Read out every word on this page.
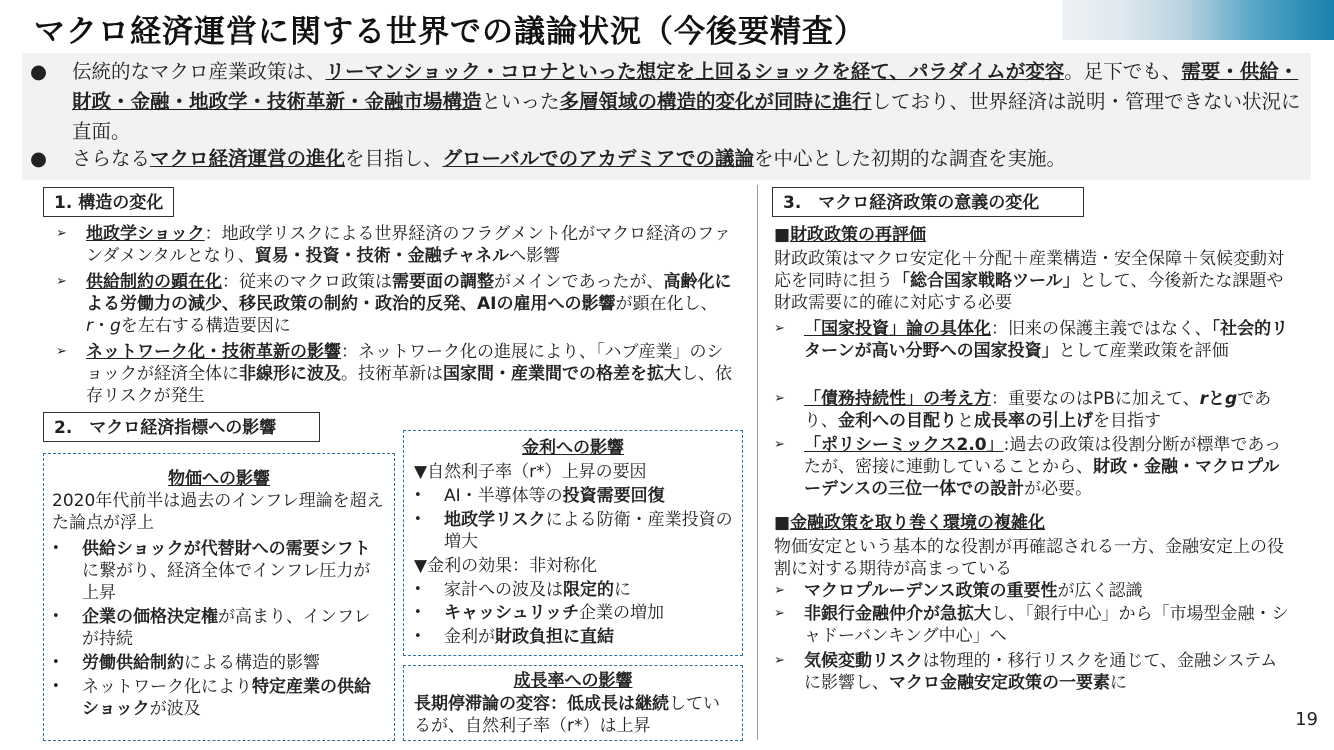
マクロ経済運営に関する世界での議論状況（今後要精査）
● 伝統的なマクロ産業政策は、リーマンショック・コロナといった想定を上回るショックを経て、パラダイムが変容。足下でも、需要・供給・財政・金融・地政学・技術革新・金融市場構造といった多層領域の構造的変化が同時に進行しており、世界経済は説明・管理できない状況に直面。
● さらなるマクロ経済運営の進化を目指し、グローバルでのアカデミアでの議論を中心とした初期的な調査を実施。
1. 構造の変化
➢ 地政学ショック：地政学リスクによる世界経済のフラグメント化がマクロ経済のファンダメンタルとなり、貿易・投資・技術・金融チャネルへ影響
➢ 供給制約の顕在化：従来のマクロ政策は需要面の調整がメインであったが、高齢化による労働力の減少、移民政策の制約・政治的反発、AIの雇用への影響が顕在化し、r・gを左右する構造要因に
➢ ネットワーク化・技術革新の影響：ネットワーク化の進展により、「ハブ産業」のショックが経済全体に非線形に波及。技術革新は国家間・産業間での格差を拡大し、依存リスクが発生
2.　マクロ経済指標への影響
物価への影響
2020年代前半は過去のインフレ理論を超えた論点が浮上
• 供給ショックが代替財への需要シフトに繋がり、経済全体でインフレ圧力が上昇
• 企業の価格決定権が高まり、インフレが持続
• 労働供給制約による構造的影響
• ネットワーク化により特定産業の供給ショックが波及
金利への影響
▼自然利子率（r*）上昇の要因
• AI・半導体等の投資需要回復
• 地政学リスクによる防衛・産業投資の増大
▼金利の効果：非対称化
• 家計への波及は限定的に
• キャッシュリッチ企業の増加
• 金利が財政負担に直結
成長率への影響
長期停滞論の変容：低成長は継続しているが、自然利子率（r*）は上昇
3.　マクロ経済政策の意義の変化
■財政政策の再評価
財政政策はマクロ安定化＋分配＋産業構造・安全保障＋気候変動対応を同時に担う「総合国家戦略ツール」として、今後新たな課題や財政需要に的確に対応する必要
➢ 「国家投資」論の具体化：旧来の保護主義ではなく、「社会的リターンが高い分野への国家投資」として産業政策を評価
➢ 「債務持続性」の考え方：重要なのはPBに加えて、rとgであり、金利への目配りと成長率の引上げを目指す
➢ 「ポリシーミックス2.0」:過去の政策は役割分断が標準であったが、密接に連動していることから、財政・金融・マクロプルーデンスの三位一体での設計が必要。
■金融政策を取り巻く環境の複雑化
物価安定という基本的な役割が再確認される一方、金融安定上の役割に対する期待が高まっている
➢ マクロプルーデンス政策の重要性が広く認識
➢ 非銀行金融仲介が急拡大し、「銀行中心」から「市場型金融・シャドーバンキング中心」へ
➢ 気候変動リスクは物理的・移行リスクを通じて、金融システムに影響し、マクロ金融安定政策の一要素に
19
